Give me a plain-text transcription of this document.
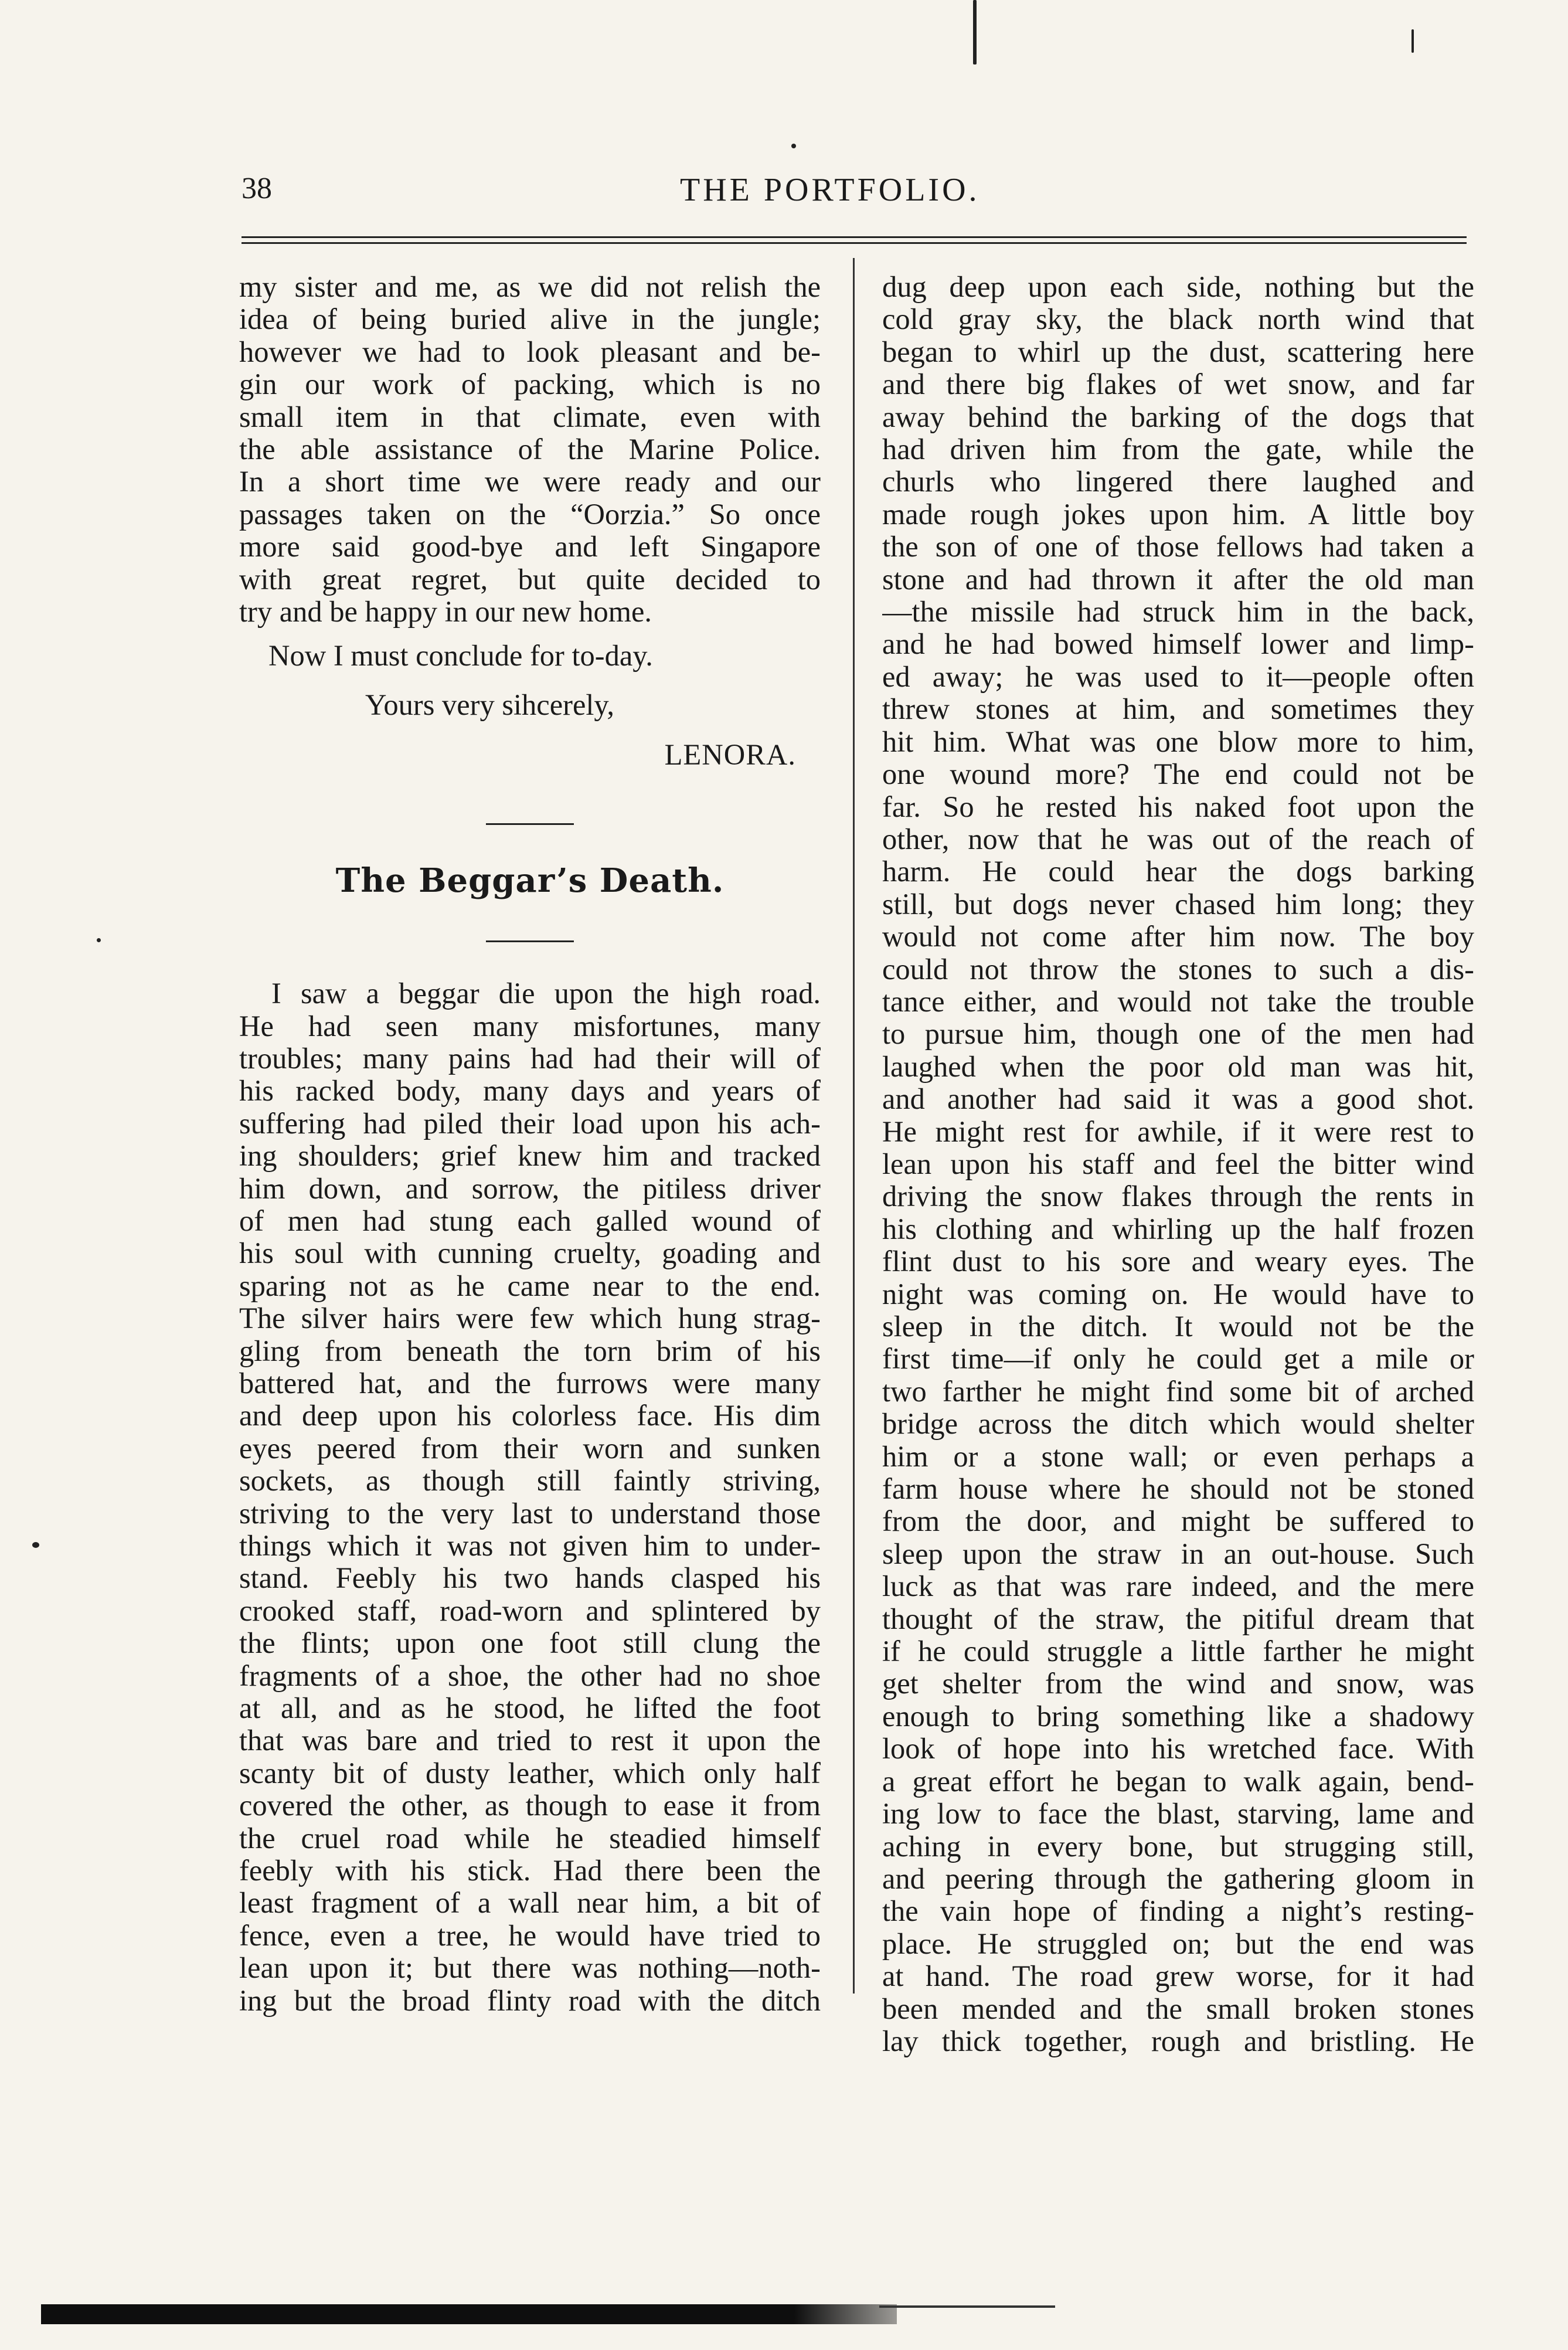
38	THE PORTFOLIO.
my sister and me, as we did not relish the
idea of being buried alive in the jungle;
however we had to look pleasant and be-
gin our work of packing, which is no
small item in that climate, even with
the able assistance of the Marine Police.
In a short time we were ready and our
passages taken on the “Oorzia.” So once
more said good-bye and left Singapore
with great regret, but quite decided to
try and be happy in our new home.
Now I must conclude for to-day.
Yours very sihcerely,
LENORA.
The Beggar’s Death.
I saw a beggar die upon the high road.
He had seen many misfortunes, many
troubles; many pains had had their will of
his racked body, many days and years of
suffering had piled their load upon his ach-
ing shoulders; grief knew him and tracked
him down, and sorrow, the pitiless driver
of men had stung each galled wound of
his soul with cunning cruelty, goading and
sparing not as he came near to the end.
The silver hairs were few which hung strag-
gling from beneath the torn brim of his
battered hat, and the furrows were many
and deep upon his colorless face. His dim
eyes peered from their worn and sunken
sockets, as though still faintly striving,
striving to the very last to understand those
things which it was not given him to under-
stand. Feebly his two hands clasped his
crooked staff, road-worn and splintered by
the flints; upon one foot still clung the
fragments of a shoe, the other had no shoe
at all, and as he stood, he lifted the foot
that was bare and tried to rest it upon the
scanty bit of dusty leather, which only half
covered the other, as though to ease it from
the cruel road while he steadied himself
feebly with his stick. Had there been the
least fragment of a wall near him, a bit of
fence, even a tree, he would have tried to
lean upon it; but there was nothing—noth-
ing but the broad flinty road with the ditch
dug deep upon each side, nothing but the
cold gray sky, the black north wind that
began to whirl up the dust, scattering here
and there big flakes of wet snow, and far
away behind the barking of the dogs that
had driven him from the gate, while the
churls who lingered there laughed and
made rough jokes upon him. A little boy
the son of one of those fellows had taken a
stone and had thrown it after the old man
—the missile had struck him in the back,
and he had bowed himself lower and limp-
ed away; he was used to it—people often
threw stones at him, and sometimes they
hit him. What was one blow more to him,
one wound more? The end could not be
far. So he rested his naked foot upon the
other, now that he was out of the reach of
harm. He could hear the dogs barking
still, but dogs never chased him long; they
would not come after him now. The boy
could not throw the stones to such a dis-
tance either, and would not take the trouble
to pursue him, though one of the men had
laughed when the poor old man was hit,
and another had said it was a good shot.
He might rest for awhile, if it were rest to
lean upon his staff and feel the bitter wind
driving the snow flakes through the rents in
his clothing and whirling up the half frozen
flint dust to his sore and weary eyes. The
night was coming on. He would have to
sleep in the ditch. It would not be the
first time—if only he could get a mile or
two farther he might find some bit of arched
bridge across the ditch which would shelter
him or a stone wall; or even perhaps a
farm house where he should not be stoned
from the door, and might be suffered to
sleep upon the straw in an out-house. Such
luck as that was rare indeed, and the mere
thought of the straw, the pitiful dream that
if he could struggle a little farther he might
get shelter from the wind and snow, was
enough to bring something like a shadowy
look of hope into his wretched face. With
a great effort he began to walk again, bend-
ing low to face the blast, starving, lame and
aching in every bone, but strugging still,
and peering through the gathering gloom in
the vain hope of finding a night’s resting-
place. He struggled on; but the end was
at hand. The road grew worse, for it had
been mended and the small broken stones
lay thick together, rough and bristling. He
